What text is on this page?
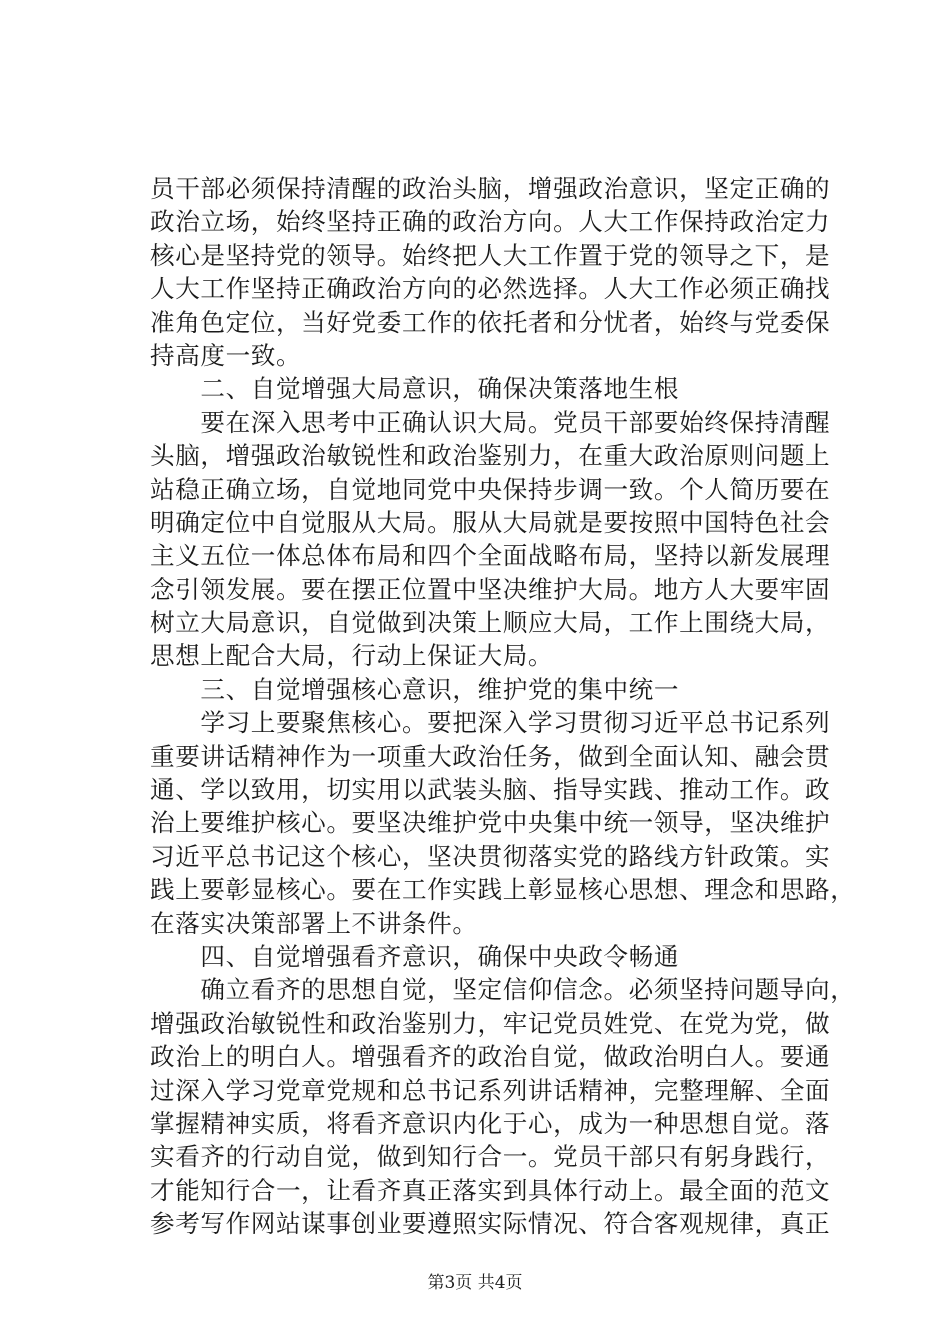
员干部必须保持清醒的政治头脑，增强政治意识，坚定正确的
政治立场，始终坚持正确的政治方向。人大工作保持政治定力
核心是坚持党的领导。始终把人大工作置于党的领导之下，是
人大工作坚持正确政治方向的必然选择。人大工作必须正确找
准角色定位，当好党委工作的依托者和分忧者，始终与党委保
持高度一致。
　　二、自觉增强大局意识，确保决策落地生根
　　要在深入思考中正确认识大局。党员干部要始终保持清醒
头脑，增强政治敏锐性和政治鉴别力，在重大政治原则问题上
站稳正确立场，自觉地同党中央保持步调一致。个人简历要在
明确定位中自觉服从大局。服从大局就是要按照中国特色社会
主义五位一体总体布局和四个全面战略布局，坚持以新发展理
念引领发展。要在摆正位置中坚决维护大局。地方人大要牢固
树立大局意识，自觉做到决策上顺应大局，工作上围绕大局，
思想上配合大局，行动上保证大局。
　　三、自觉增强核心意识，维护党的集中统一
　　学习上要聚焦核心。要把深入学习贯彻习近平总书记系列
重要讲话精神作为一项重大政治任务，做到全面认知、融会贯
通、学以致用，切实用以武装头脑、指导实践、推动工作。政
治上要维护核心。要坚决维护党中央集中统一领导，坚决维护
习近平总书记这个核心，坚决贯彻落实党的路线方针政策。实
践上要彰显核心。要在工作实践上彰显核心思想、理念和思路，
在落实决策部署上不讲条件。
　　四、自觉增强看齐意识，确保中央政令畅通
　　确立看齐的思想自觉，坚定信仰信念。必须坚持问题导向，
增强政治敏锐性和政治鉴别力，牢记党员姓党、在党为党，做
政治上的明白人。增强看齐的政治自觉，做政治明白人。要通
过深入学习党章党规和总书记系列讲话精神，完整理解、全面
掌握精神实质，将看齐意识内化于心，成为一种思想自觉。落
实看齐的行动自觉，做到知行合一。党员干部只有躬身践行，
才能知行合一，让看齐真正落实到具体行动上。最全面的范文
参考写作网站谋事创业要遵照实际情况、符合客观规律，真正
第3页 共4页
